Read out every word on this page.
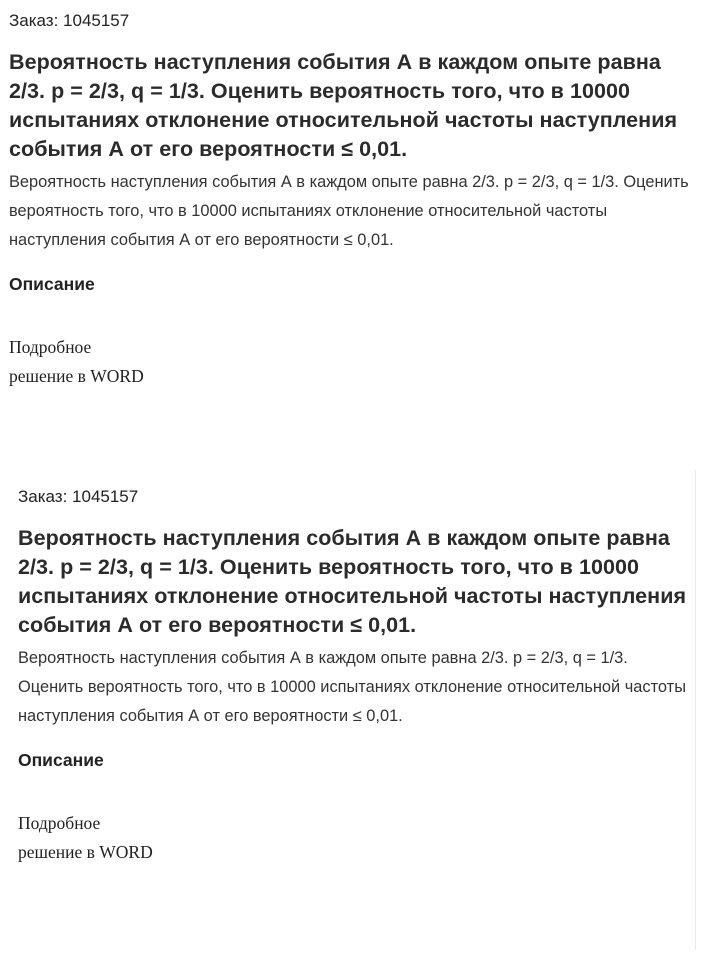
Заказ: 1045157

Вероятность наступления события А в каждом опыте равна 2/3. p = 2/3, q = 1/3. Оценить вероятность того, что в 10000 испытаниях отклонение относительной частоты наступления события А от его вероятности ≤ 0,01.

Вероятность наступления события А в каждом опыте равна 2/3. p = 2/3, q = 1/3. Оценить вероятность того, что в 10000 испытаниях отклонение относительной частоты наступления события А от его вероятности ≤ 0,01.

Описание
Подробное
решение в WORD

Заказ: 1045157

Вероятность наступления события А в каждом опыте равна 2/3. p = 2/3, q = 1/3. Оценить вероятность того, что в 10000 испытаниях отклонение относительной частоты наступления события А от его вероятности ≤ 0,01.

Вероятность наступления события А в каждом опыте равна 2/3. p = 2/3, q = 1/3. Оценить вероятность того, что в 10000 испытаниях отклонение относительной частоты наступления события А от его вероятности ≤ 0,01.

Описание
Подробное
решение в WORD
